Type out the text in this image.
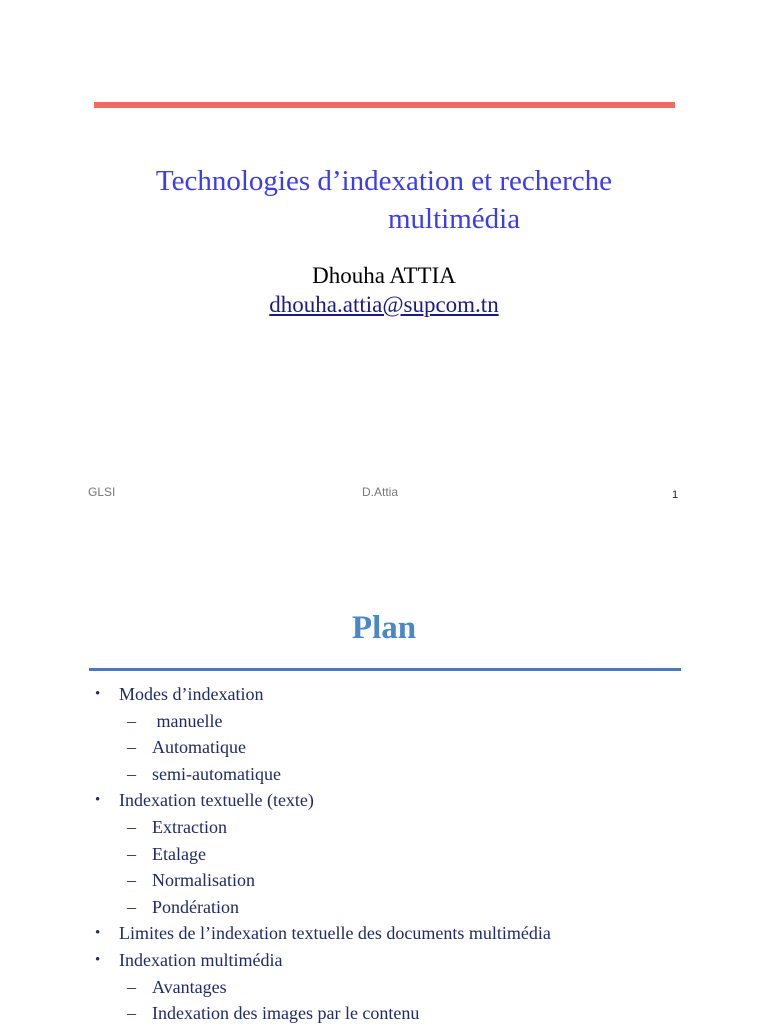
Technologies d’indexation et recherche
multimédia
Dhouha ATTIA
dhouha.attia@supcom.tn
GLSI	D.Attia	1
Plan
• Modes d’indexation
– manuelle
– Automatique
– semi-automatique
• Indexation textuelle (texte)
– Extraction
– Etalage
– Normalisation
– Pondération
• Limites de l’indexation textuelle des documents multimédia
• Indexation multimédia
– Avantages
– Indexation des images par le contenu
